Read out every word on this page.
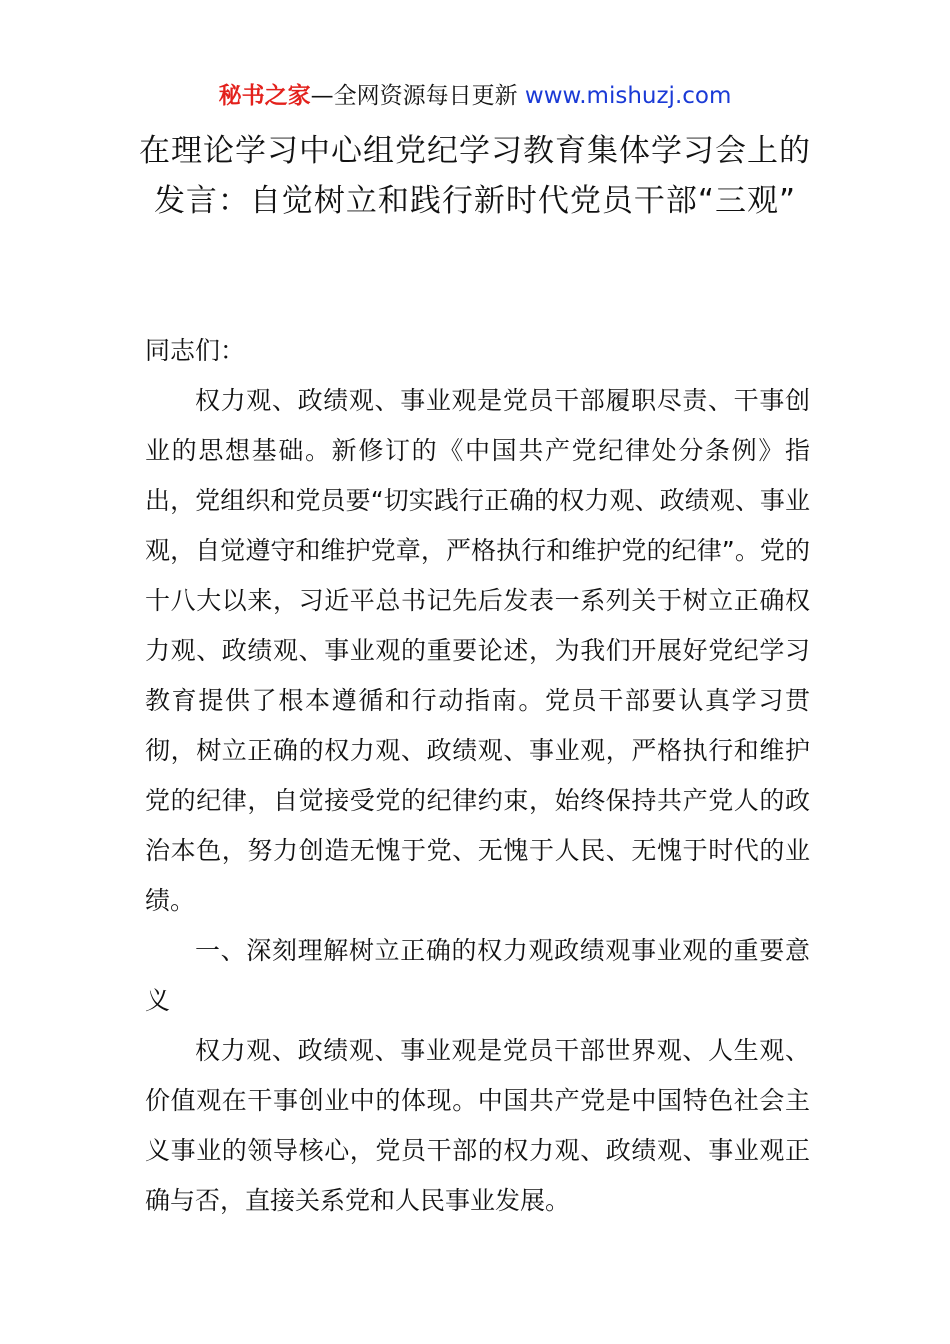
秘书之家—全网资源每日更新 www.mishuzj.com
在理论学习中心组党纪学习教育集体学习会上的发言：自觉树立和践行新时代党员干部“三观”

同志们：

权力观、政绩观、事业观是党员干部履职尽责、干事创业的思想基础。新修订的《中国共产党纪律处分条例》指出，党组织和党员要“切实践行正确的权力观、政绩观、事业观，自觉遵守和维护党章，严格执行和维护党的纪律”。党的十八大以来，习近平总书记先后发表一系列关于树立正确权力观、政绩观、事业观的重要论述，为我们开展好党纪学习教育提供了根本遵循和行动指南。党员干部要认真学习贯彻，树立正确的权力观、政绩观、事业观，严格执行和维护党的纪律，自觉接受党的纪律约束，始终保持共产党人的政治本色，努力创造无愧于党、无愧于人民、无愧于时代的业绩。

一、深刻理解树立正确的权力观政绩观事业观的重要意义

权力观、政绩观、事业观是党员干部世界观、人生观、价值观在干事创业中的体现。中国共产党是中国特色社会主义事业的领导核心，党员干部的权力观、政绩观、事业观正确与否，直接关系党和人民事业发展。
